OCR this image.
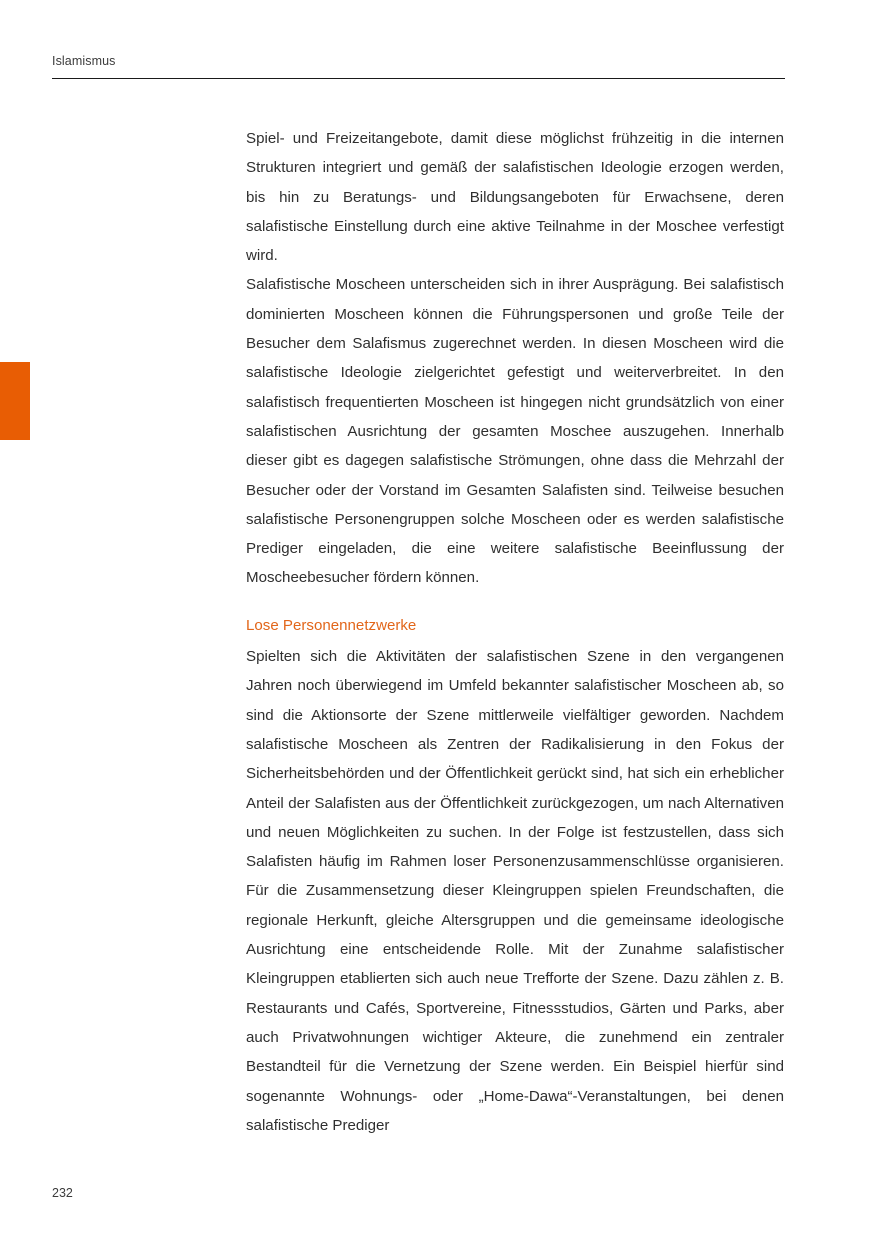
Islamismus

Spiel- und Freizeitangebote, damit diese möglichst frühzeitig in die internen Strukturen integriert und gemäß der salafistischen Ideologie erzogen werden, bis hin zu Beratungs- und Bildungsangeboten für Erwachsene, deren salafistische Einstellung durch eine aktive Teilnahme in der Moschee verfestigt wird.

Salafistische Moscheen unterscheiden sich in ihrer Ausprägung. Bei salafistisch dominierten Moscheen können die Führungspersonen und große Teile der Besucher dem Salafismus zugerechnet werden. In diesen Moscheen wird die salafistische Ideologie zielgerichtet gefestigt und weiterverbreitet. In den salafistisch frequentierten Moscheen ist hingegen nicht grundsätzlich von einer salafistischen Ausrichtung der gesamten Moschee auszugehen. Innerhalb dieser gibt es dagegen salafistische Strömungen, ohne dass die Mehrzahl der Besucher oder der Vorstand im Gesamten Salafisten sind. Teilweise besuchen salafistische Personengruppen solche Moscheen oder es werden salafistische Prediger eingeladen, die eine weitere salafistische Beeinflussung der Moscheebesucher fördern können.

Lose Personennetzwerke

Spielten sich die Aktivitäten der salafistischen Szene in den vergangenen Jahren noch überwiegend im Umfeld bekannter salafistischer Moscheen ab, so sind die Aktionsorte der Szene mittlerweile vielfältiger geworden. Nachdem salafistische Moscheen als Zentren der Radikalisierung in den Fokus der Sicherheitsbehörden und der Öffentlichkeit gerückt sind, hat sich ein erheblicher Anteil der Salafisten aus der Öffentlichkeit zurückgezogen, um nach Alternativen und neuen Möglichkeiten zu suchen. In der Folge ist festzustellen, dass sich Salafisten häufig im Rahmen loser Personenzusammenschlüsse organisieren. Für die Zusammensetzung dieser Kleingruppen spielen Freundschaften, die regionale Herkunft, gleiche Altersgruppen und die gemeinsame ideologische Ausrichtung eine entscheidende Rolle. Mit der Zunahme salafistischer Kleingruppen etablierten sich auch neue Trefforte der Szene. Dazu zählen z. B. Restaurants und Cafés, Sportvereine, Fitnessstudios, Gärten und Parks, aber auch Privatwohnungen wichtiger Akteure, die zunehmend ein zentraler Bestandteil für die Vernetzung der Szene werden. Ein Beispiel hierfür sind sogenannte Wohnungs- oder „Home-Dawa“-Veranstaltungen, bei denen salafistische Prediger

232
